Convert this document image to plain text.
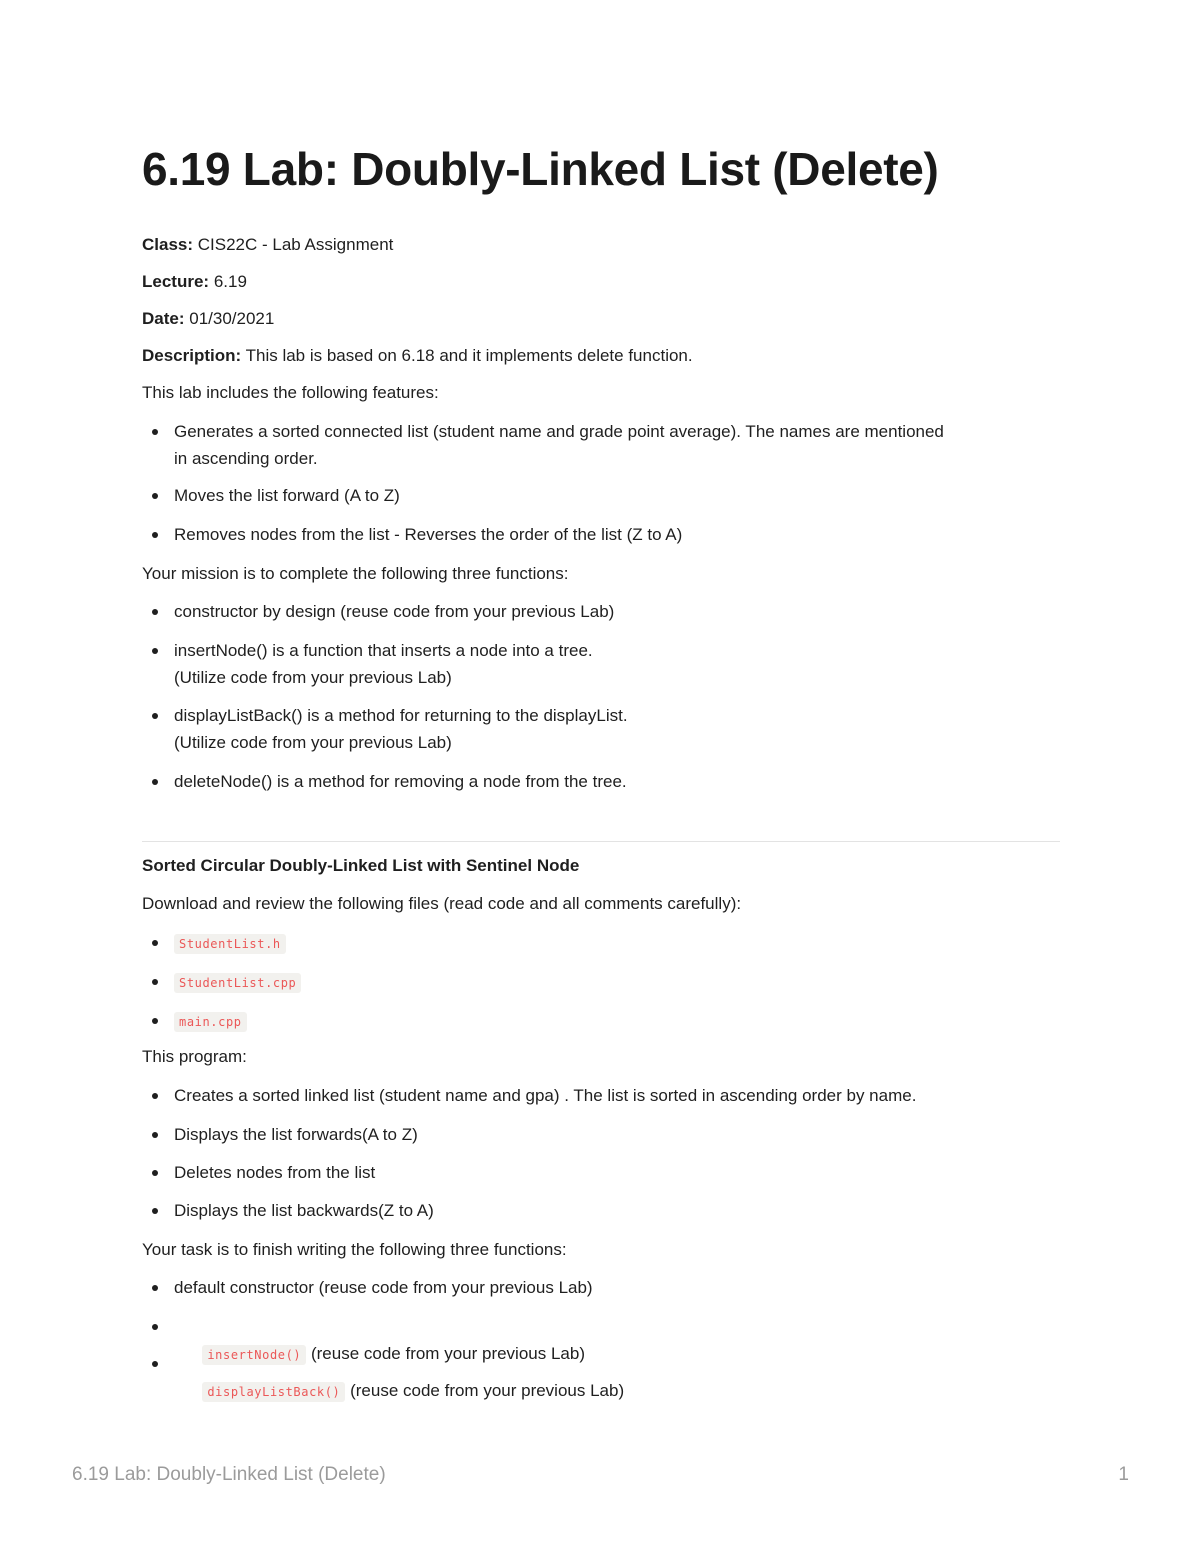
6.19 Lab: Doubly-Linked List (Delete)
Class: CIS22C - Lab Assignment
Lecture: 6.19
Date: 01/30/2021
Description: This lab is based on 6.18 and it implements delete function.
This lab includes the following features:
Generates a sorted connected list (student name and grade point average). The names are mentioned
in ascending order.
Moves the list forward (A to Z)
Removes nodes from the list - Reverses the order of the list (Z to A)
Your mission is to complete the following three functions:
constructor by design (reuse code from your previous Lab)
insertNode() is a function that inserts a node into a tree.
(Utilize code from your previous Lab)
displayListBack() is a method for returning to the displayList.
(Utilize code from your previous Lab)
deleteNode() is a method for removing a node from the tree.
Sorted Circular Doubly-Linked List with Sentinel Node
Download and review the following files (read code and all comments carefully):
StudentList.h
StudentList.cpp
main.cpp
This program:
Creates a sorted linked list (student name and gpa) . The list is sorted in ascending order by name.
Displays the list forwards(A to Z)
Deletes nodes from the list
Displays the list backwards(Z to A)
Your task is to finish writing the following three functions:
default constructor (reuse code from your previous Lab)

insertNode() (reuse code from your previous Lab)

displayListBack() (reuse code from your previous Lab)

6.19 Lab: Doubly-Linked List (Delete)	1
